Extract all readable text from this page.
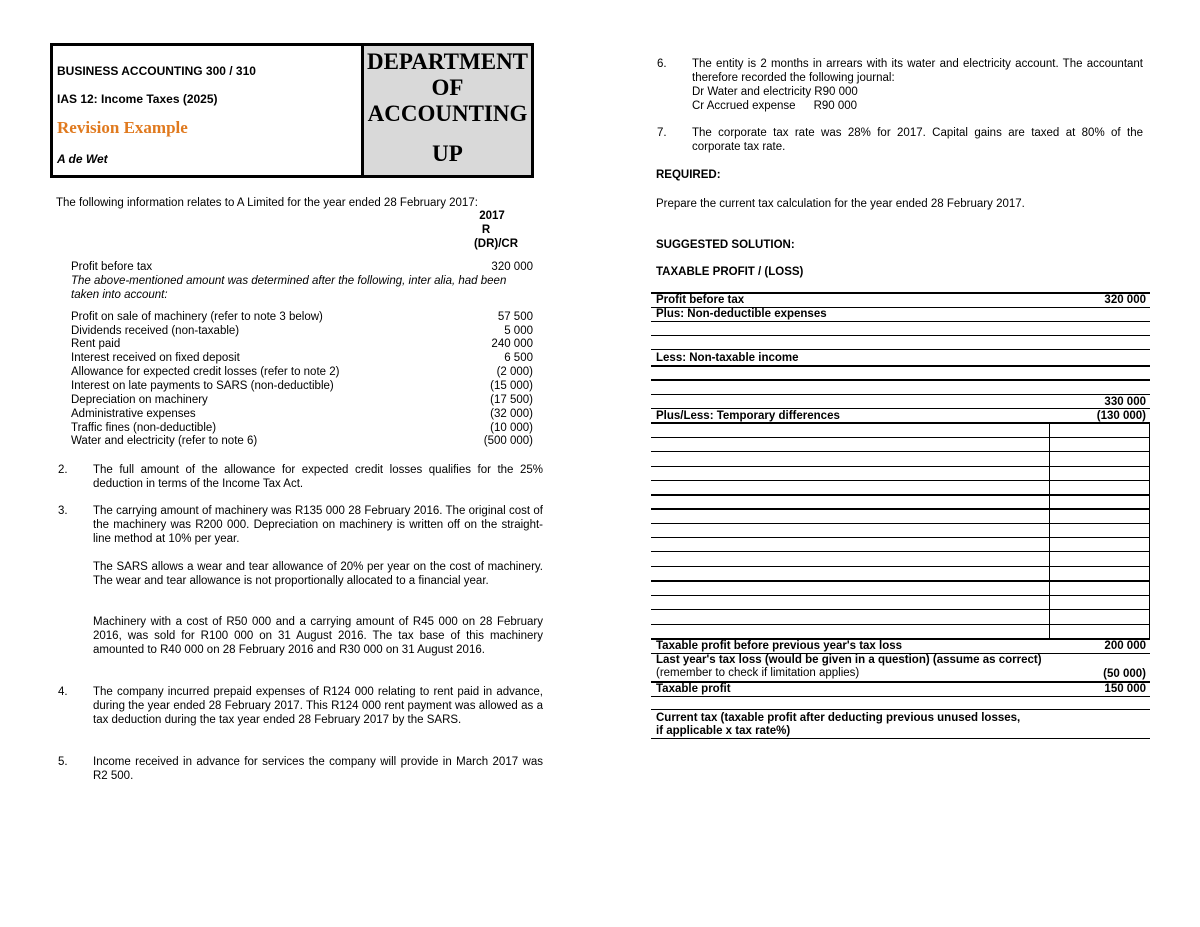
BUSINESS ACCOUNTING 300 / 310
IAS 12: Income Taxes (2025)
Revision Example
A de Wet
DEPARTMENT
OF
ACCOUNTING
UP
The following information relates to A Limited for the year ended 28 February 2017:
2017
R
(DR)/CR
Profit before tax	320 000
The above-mentioned amount was determined after the following, inter alia, had been taken into account:
Profit on sale of machinery (refer to note 3 below)	57 500
Dividends received (non-taxable)	5 000
Rent paid	240 000
Interest received on fixed deposit	6 500
Allowance for expected credit losses (refer to note 2)	(2 000)
Interest on late payments to SARS (non-deductible)	(15 000)
Depreciation on machinery	(17 500)
Administrative expenses	(32 000)
Traffic fines (non-deductible)	(10 000)
Water and electricity (refer to note 6)	(500 000)
2. The full amount of the allowance for expected credit losses qualifies for the 25% deduction in terms of the Income Tax Act.
3. The carrying amount of machinery was R135 000 28 February 2016. The original cost of the machinery was R200 000. Depreciation on machinery is written off on the straight-line method at 10% per year.
The SARS allows a wear and tear allowance of 20% per year on the cost of machinery. The wear and tear allowance is not proportionally allocated to a financial year.
Machinery with a cost of R50 000 and a carrying amount of R45 000 on 28 February 2016, was sold for R100 000 on 31 August 2016. The tax base of this machinery amounted to R40 000 on 28 February 2016 and R30 000 on 31 August 2016.
4. The company incurred prepaid expenses of R124 000 relating to rent paid in advance, during the year ended 28 February 2017. This R124 000 rent payment was allowed as a tax deduction during the tax year ended 28 February 2017 by the SARS.
5. Income received in advance for services the company will provide in March 2017 was R2 500.
6. The entity is 2 months in arrears with its water and electricity account. The accountant therefore recorded the following journal:
Dr Water and electricity R90 000
Cr Accrued expense R90 000
7. The corporate tax rate was 28% for 2017. Capital gains are taxed at 80% of the corporate tax rate.
REQUIRED:
Prepare the current tax calculation for the year ended 28 February 2017.
SUGGESTED SOLUTION:
TAXABLE PROFIT / (LOSS)
Profit before tax	320 000
Plus: Non-deductible expenses
Less: Non-taxable income
330 000
Plus/Less: Temporary differences	(130 000)
Taxable profit before previous year's tax loss	200 000
Last year's tax loss (would be given in a question) (assume as correct) (remember to check if limitation applies)	(50 000)
Taxable profit	150 000
Current tax (taxable profit after deducting previous unused losses,
if applicable x tax rate%)
